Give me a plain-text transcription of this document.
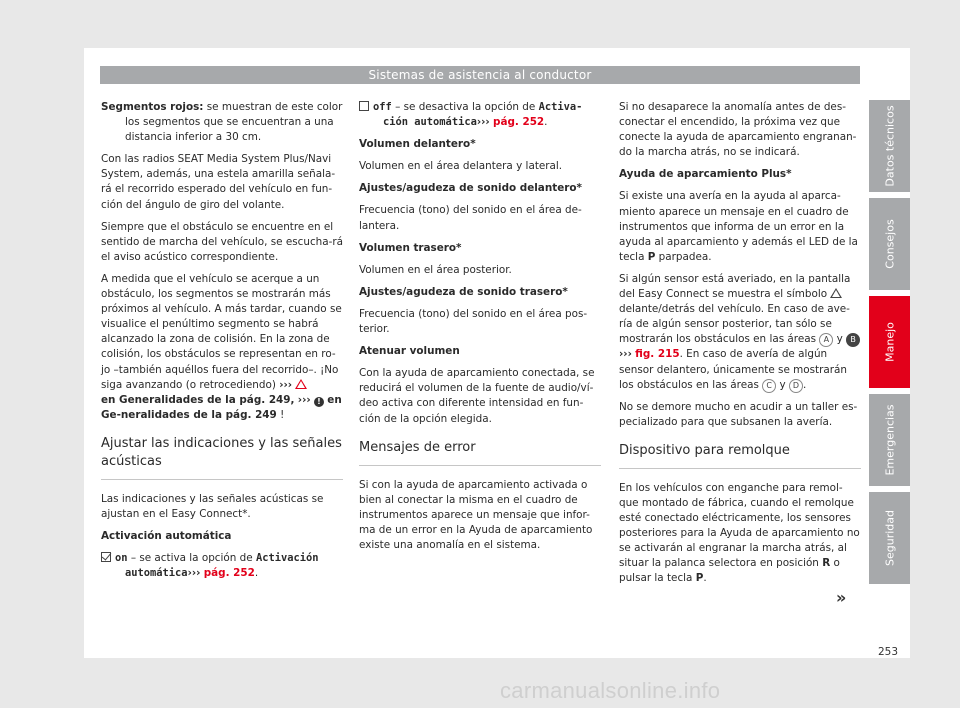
Sistemas de asistencia al conductor

Segmentos rojos: se muestran de este color los segmentos que se encuentran a una distancia inferior a 30 cm.

Con las radios SEAT Media System Plus/Navi System, además, una estela amarilla señala-rá el recorrido esperado del vehículo en fun-ción del ángulo de giro del volante.

Siempre que el obstáculo se encuentre en el sentido de marcha del vehículo, se escucha-rá el aviso acústico correspondiente.

A medida que el vehículo se acerque a un obstáculo, los segmentos se mostrarán más próximos al vehículo. A más tardar, cuando se visualice el penúltimo segmento se habrá alcanzado la zona de colisión. En la zona de colisión, los obstáculos se representan en ro-jo –también aquéllos fuera del recorrido–. ¡No siga avanzando (o retrocediendo) ›››
en Generalidades de la pág. 249, ››› ! en Ge-neralidades de la pág. 249 !

Ajustar las indicaciones y las señales acústicas

Las indicaciones y las señales acústicas se ajustan en el Easy Connect*.

Activación automática

on – se activa la opción de Activación automática››› pág. 252.

off – se desactiva la opción de Activa-ción automática››› pág. 252.

Volumen delantero*

Volumen en el área delantera y lateral.

Ajustes/agudeza de sonido delantero*

Frecuencia (tono) del sonido en el área de-lantera.

Volumen trasero*

Volumen en el área posterior.

Ajustes/agudeza de sonido trasero*

Frecuencia (tono) del sonido en el área pos-terior.

Atenuar volumen

Con la ayuda de aparcamiento conectada, se reducirá el volumen de la fuente de audio/ví-deo activa con diferente intensidad en fun-ción de la opción elegida.

Mensajes de error

Si con la ayuda de aparcamiento activada o bien al conectar la misma en el cuadro de instrumentos aparece un mensaje que infor-ma de un error en la Ayuda de aparcamiento existe una anomalía en el sistema.

Si no desaparece la anomalía antes de des-conectar el encendido, la próxima vez que conecte la ayuda de aparcamiento engranan-do la marcha atrás, no se indicará.

Ayuda de aparcamiento Plus*

Si existe una avería en la ayuda al aparca-miento aparece un mensaje en el cuadro de instrumentos que informa de un error en la ayuda al aparcamiento y además el LED de la tecla P parpadea.

Si algún sensor está averiado, en la pantalla del Easy Connect se muestra el símbolo  delante/detrás del vehículo. En caso de ave-ría de algún sensor posterior, tan sólo se mostrarán los obstáculos en las áreas A y B ››› fig. 215. En caso de avería de algún sensor delantero, únicamente se mostrarán los obstáculos en las áreas C y D .

No se demore mucho en acudir a un taller es-pecializado para que subsanen la avería.

Dispositivo para remolque

En los vehículos con enganche para remol-que montado de fábrica, cuando el remolque esté conectado eléctricamente, los sensores posteriores para la Ayuda de aparcamiento no se activarán al engranar la marcha atrás, al situar la palanca selectora en posición R o pulsar la tecla P.

Datos técnicos
Consejos
Manejo
Emergencias
Seguridad
»
253
carmanualsonline.info
